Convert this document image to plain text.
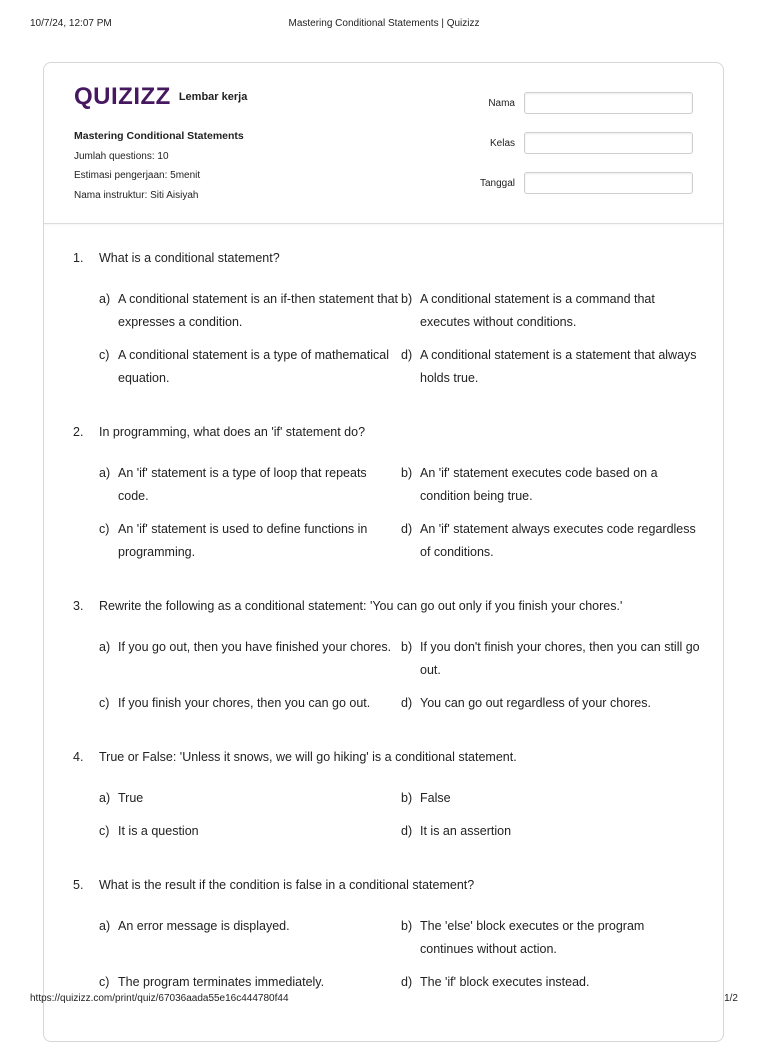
10/7/24, 12:07 PM	Mastering Conditional Statements | Quizizz
QUIZIZZ Lembar kerja
Mastering Conditional Statements
Jumlah questions: 10
Estimasi pengerjaan: 5menit
Nama instruktur: Siti Aisiyah
Nama
Kelas
Tanggal
1.	What is a conditional statement?
a) A conditional statement is an if-then statement that expresses a condition.
b) A conditional statement is a command that executes without conditions.
c) A conditional statement is a type of mathematical equation.
d) A conditional statement is a statement that always holds true.
2.	In programming, what does an 'if' statement do?
a) An 'if' statement is a type of loop that repeats code.
b) An 'if' statement executes code based on a condition being true.
c) An 'if' statement is used to define functions in programming.
d) An 'if' statement always executes code regardless of conditions.
3.	Rewrite the following as a conditional statement: 'You can go out only if you finish your chores.'
a) If you go out, then you have finished your chores. b) If you don't finish your chores, then you can still go out.
c) If you finish your chores, then you can go out.	d) You can go out regardless of your chores.
4.	True or False: 'Unless it snows, we will go hiking' is a conditional statement.
a) True	b) False
c) It is a question	d) It is an assertion
5.	What is the result if the condition is false in a conditional statement?
a) An error message is displayed.	b) The 'else' block executes or the program continues without action.
c) The program terminates immediately.	d) The 'if' block executes instead.
https://quizizz.com/print/quiz/67036aada55e16c444780f44	1/2
